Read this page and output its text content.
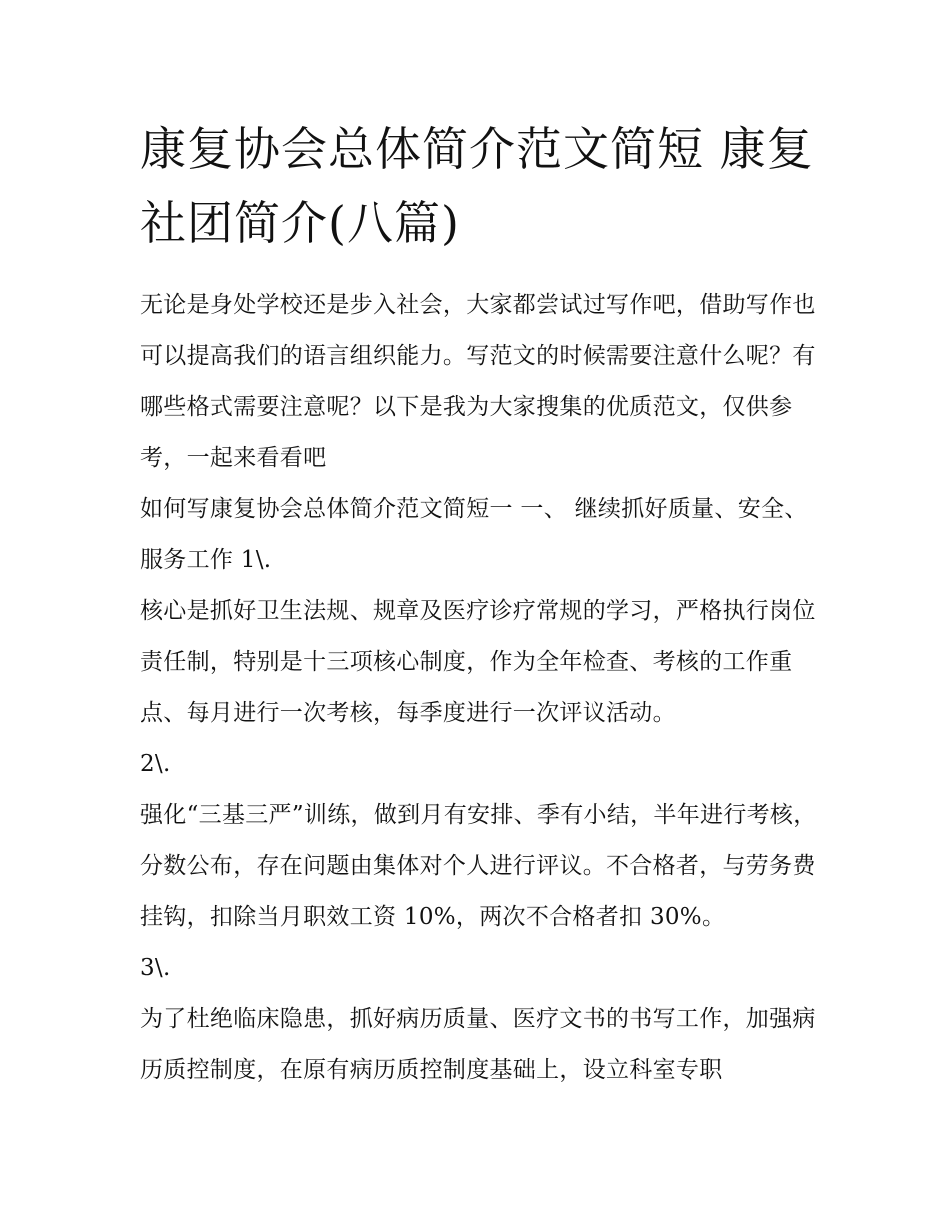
康复协会总体简介范文简短 康复社团简介(八篇)

无论是身处学校还是步入社会，大家都尝试过写作吧，借助写作也可以提高我们的语言组织能力。写范文的时候需要注意什么呢？有哪些格式需要注意呢？以下是我为大家搜集的优质范文，仅供参考，一起来看看吧

如何写康复协会总体简介范文简短一 一、 继续抓好质量、安全、服务工作 1\.

核心是抓好卫生法规、规章及医疗诊疗常规的学习，严格执行岗位责任制，特别是十三项核心制度，作为全年检查、考核的工作重点、每月进行一次考核，每季度进行一次评议活动。

2\.

强化“三基三严”训练，做到月有安排、季有小结，半年进行考核，分数公布，存在问题由集体对个人进行评议。不合格者，与劳务费挂钩，扣除当月职效工资 10%，两次不合格者扣 30%。

3\.

为了杜绝临床隐患，抓好病历质量、医疗文书的书写工作，加强病历质控制度，在原有病历质控制度基础上，设立科室专职
